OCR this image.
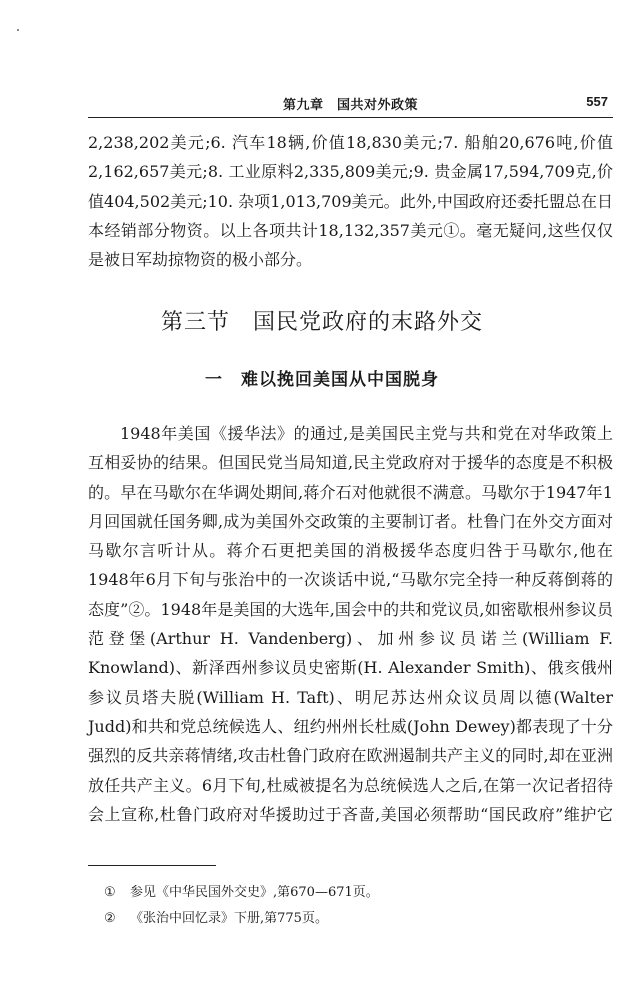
第九章　国共对外政策	557
2,238,202美元;6. 汽车18辆,价值18,830美元;7. 船舶20,676吨,价值2,162,657美元;8. 工业原料2,335,809美元;9. 贵金属17,594,709克,价值404,502美元;10. 杂项1,013,709美元。此外,中国政府还委托盟总在日本经销部分物资。以上各项共计18,132,357美元①。毫无疑问,这些仅仅是被日军劫掠物资的极小部分。
第三节　国民党政府的末路外交
一　难以挽回美国从中国脱身
1948年美国《援华法》的通过,是美国民主党与共和党在对华政策上互相妥协的结果。但国民党当局知道,民主党政府对于援华的态度是不积极的。早在马歇尔在华调处期间,蒋介石对他就很不满意。马歇尔于1947年1月回国就任国务卿,成为美国外交政策的主要制订者。杜鲁门在外交方面对马歇尔言听计从。蒋介石更把美国的消极援华态度归咎于马歇尔,他在1948年6月下旬与张治中的一次谈话中说,“马歇尔完全持一种反蒋倒蒋的态度”②。1948年是美国的大选年,国会中的共和党议员,如密歇根州参议员范登堡(Arthur H. Vandenberg)、加州参议员诺兰(William F. Knowland)、新泽西州参议员史密斯(H. Alexander Smith)、俄亥俄州参议员塔夫脱(William H. Taft)、明尼苏达州众议员周以德(Walter Judd)和共和党总统候选人、纽约州州长杜威(John Dewey)都表现了十分强烈的反共亲蒋情绪,攻击杜鲁门政府在欧洲遏制共产主义的同时,却在亚洲放任共产主义。6月下旬,杜威被提名为总统候选人之后,在第一次记者招待会上宣称,杜鲁门政府对华援助过于吝啬,美国必须帮助“国民政府”维护它
① 参见《中华民国外交史》,第670—671页。
② 《张治中回忆录》下册,第775页。
